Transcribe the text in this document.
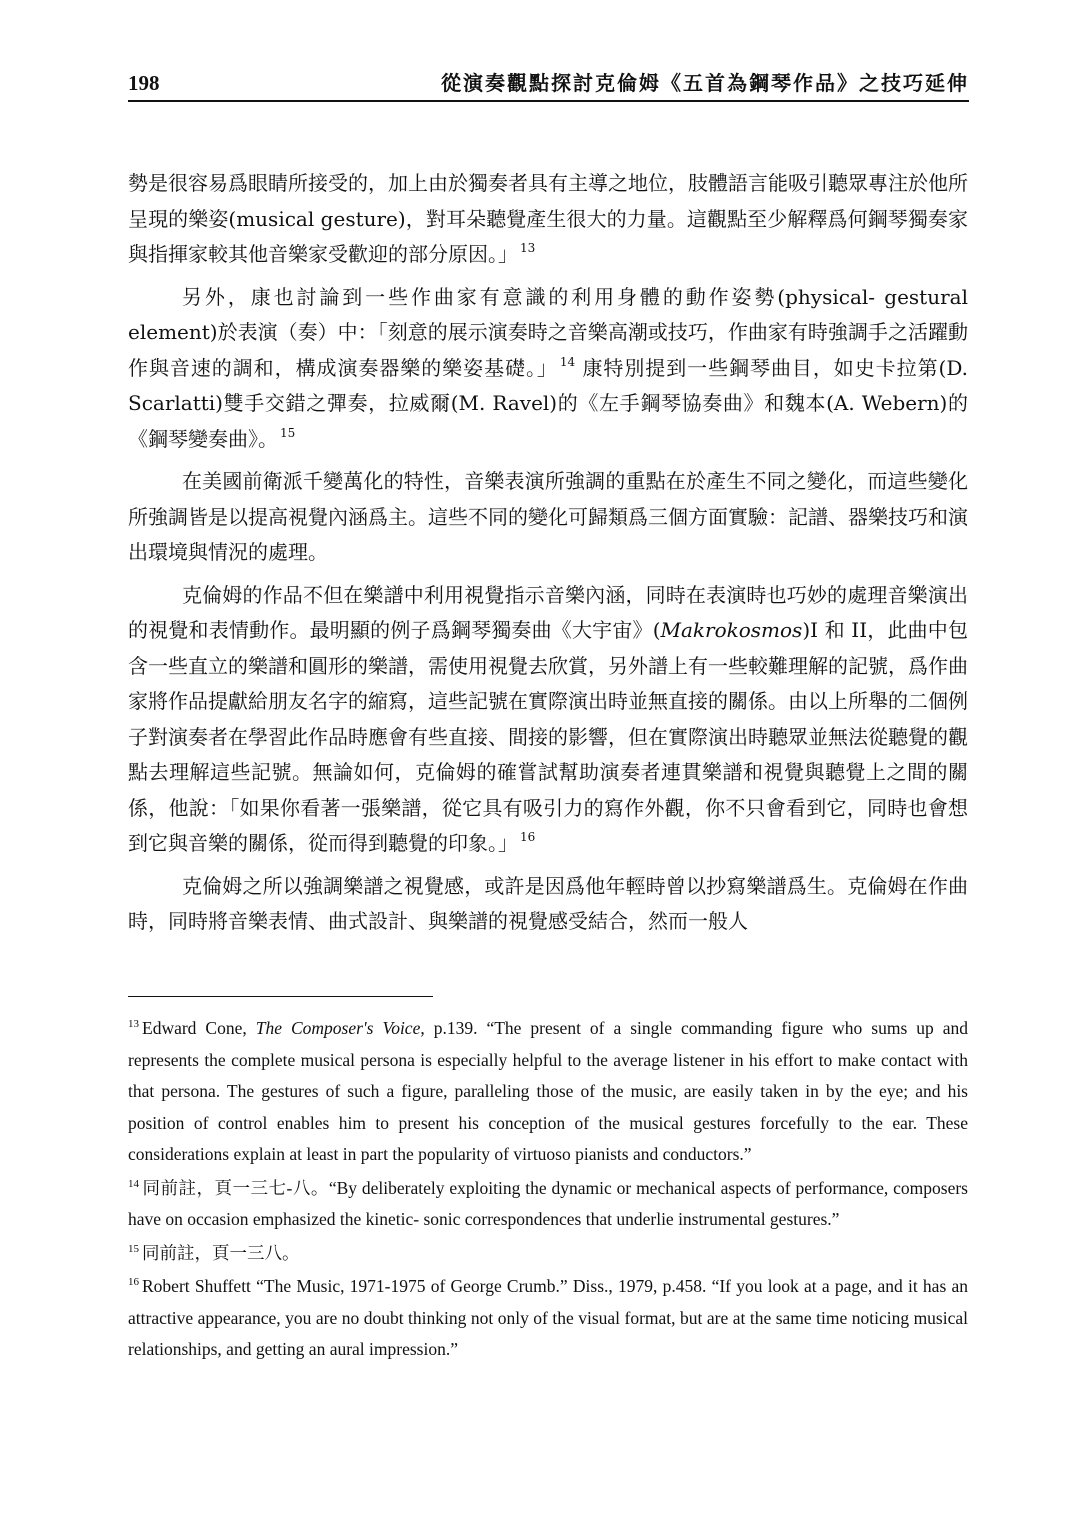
198	從演奏觀點探討克倫姆《五首為鋼琴作品》之技巧延伸

勢是很容易爲眼睛所接受的，加上由於獨奏者具有主導之地位，肢體語言能吸引聽眾專注於他所呈現的樂姿(musical gesture)，對耳朵聽覺產生很大的力量。這觀點至少解釋爲何鋼琴獨奏家與指揮家較其他音樂家受歡迎的部分原因。」 $^{13}$

另外，康也討論到一些作曲家有意識的利用身體的動作姿勢(physical- gestural element)於表演（奏）中：「刻意的展示演奏時之音樂高潮或技巧，作曲家有時強調手之活躍動作與音速的調和，構成演奏器樂的樂姿基礎。」 $^{14}$ 康特別提到一些鋼琴曲目，如史卡拉第(D. Scarlatti)雙手交錯之彈奏，拉威爾(M. Ravel)的《左手鋼琴協奏曲》和魏本(A. Webern)的《鋼琴變奏曲》。 $^{15}$

在美國前衛派千變萬化的特性，音樂表演所強調的重點在於產生不同之變化，而這些變化所強調皆是以提高視覺內涵爲主。這些不同的變化可歸類爲三個方面實驗：記譜、器樂技巧和演出環境與情況的處理。

克倫姆的作品不但在樂譜中利用視覺指示音樂內涵，同時在表演時也巧妙的處理音樂演出的視覺和表情動作。最明顯的例子爲鋼琴獨奏曲《大宇宙》(Makrokosmos)I 和 II，此曲中包含一些直立的樂譜和圓形的樂譜，需使用視覺去欣賞，另外譜上有一些較難理解的記號，爲作曲家將作品提獻給朋友名字的縮寫，這些記號在實際演出時並無直接的關係。由以上所舉的二個例子對演奏者在學習此作品時應會有些直接、間接的影響，但在實際演出時聽眾並無法從聽覺的觀點去理解這些記號。無論如何，克倫姆的確嘗試幫助演奏者連貫樂譜和視覺與聽覺上之間的關係，他說：「如果你看著一張樂譜，從它具有吸引力的寫作外觀，你不只會看到它，同時也會想到它與音樂的關係，從而得到聽覺的印象。」 $^{16}$

克倫姆之所以強調樂譜之視覺感，或許是因爲他年輕時曾以抄寫樂譜爲生。克倫姆在作曲時，同時將音樂表情、曲式設計、與樂譜的視覺感受結合，然而一般人

$^{13}$ Edward Cone, The Composer's Voice, p.139. “The present of a single commanding figure who sums up and represents the complete musical persona is especially helpful to the average listener in his effort to make contact with that persona. The gestures of such a figure, paralleling those of the music, are easily taken in by the eye; and his position of control enables him to present his conception of the musical gestures forcefully to the ear. These considerations explain at least in part the popularity of virtuoso pianists and conductors.”

$^{14}$ 同前註，頁一三七-八。“By deliberately exploiting the dynamic or mechanical aspects of performance, composers have on occasion emphasized the kinetic- sonic correspondences that underlie instrumental gestures.”

$^{15}$ 同前註，頁一三八。

$^{16}$ Robert Shuffett “The Music, 1971-1975 of George Crumb.” Diss., 1979, p.458. “If you look at a page, and it has an attractive appearance, you are no doubt thinking not only of the visual format, but are at the same time noticing musical relationships, and getting an aural impression.”
